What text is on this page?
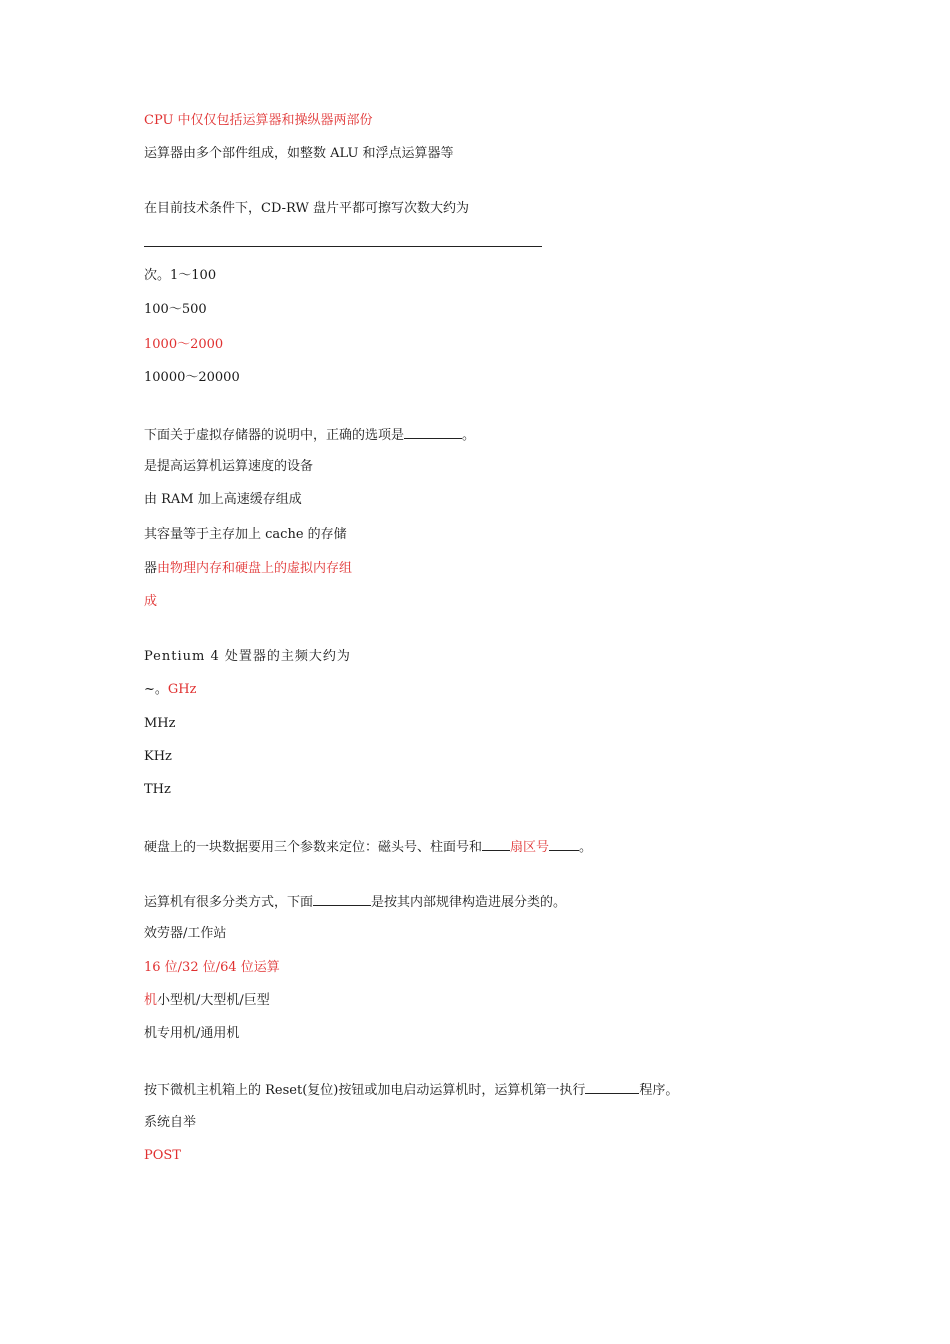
CPU 中仅仅包括运算器和操纵器两部份
运算器由多个部件组成，如整数 ALU 和浮点运算器等
在目前技术条件下，CD-RW 盘片平都可擦写次数大约为
次。1～100
100～500
1000～2000
10000～20000
下面关于虚拟存储器的说明中，正确的选项是	。
是提高运算机运算速度的设备
由 RAM 加上高速缓存组成
其容量等于主存加上 cache 的存储
器由物理内存和硬盘上的虚拟内存组
成
Pentium 4 处置器的主频大约为
~。GHz
MHz
KHz
THz
硬盘上的一块数据要用三个参数来定位：磁头号、柱面号和 扇区号 。
运算机有很多分类方式，下面	是按其内部规律构造进展分类的。
效劳器/工作站
16 位/32 位/64 位运算
机小型机/大型机/巨型
机专用机/通用机
按下微机主机箱上的 Reset(复位)按钮或加电启动运算机时，运算机第一执行	程序。
系统自举
POST
